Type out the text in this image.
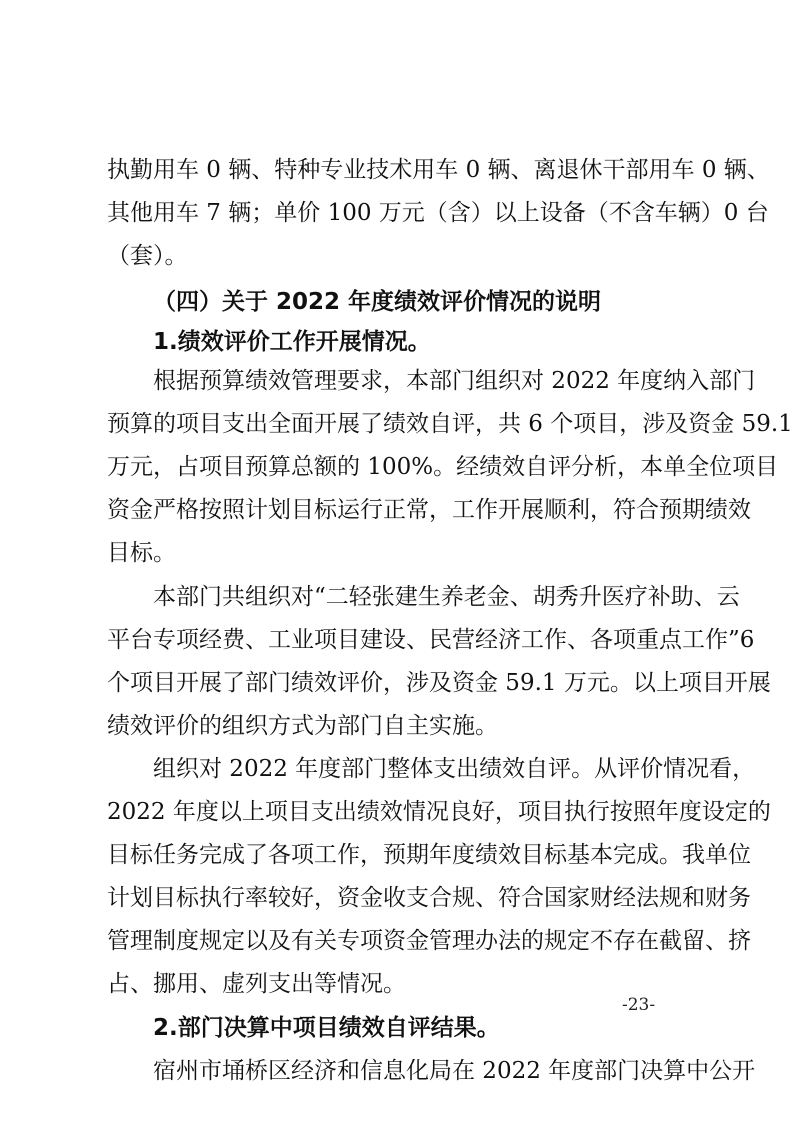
执勤用车 0 辆、特种专业技术用车 0 辆、离退休干部用车 0 辆、
其他用车 7 辆；单价 100 万元（含）以上设备（不含车辆）0 台
（套）。
（四）关于 2022 年度绩效评价情况的说明
1.绩效评价工作开展情况。
根据预算绩效管理要求，本部门组织对 2022 年度纳入部门
预算的项目支出全面开展了绩效自评，共 6 个项目，涉及资金 59.1
万元，占项目预算总额的 100%。经绩效自评分析，本单全位项目
资金严格按照计划目标运行正常，工作开展顺利，符合预期绩效
目标。
本部门共组织对“二轻张建生养老金、胡秀升医疗补助、云
平台专项经费、工业项目建设、民营经济工作、各项重点工作”6
个项目开展了部门绩效评价，涉及资金 59.1 万元。以上项目开展
绩效评价的组织方式为部门自主实施。
组织对 2022 年度部门整体支出绩效自评。从评价情况看，
2022 年度以上项目支出绩效情况良好，项目执行按照年度设定的
目标任务完成了各项工作，预期年度绩效目标基本完成。我单位
计划目标执行率较好，资金收支合规、符合国家财经法规和财务
管理制度规定以及有关专项资金管理办法的规定不存在截留、挤
占、挪用、虚列支出等情况。
2.部门决算中项目绩效自评结果。
宿州市埇桥区经济和信息化局在 2022 年度部门决算中公开
-23-
